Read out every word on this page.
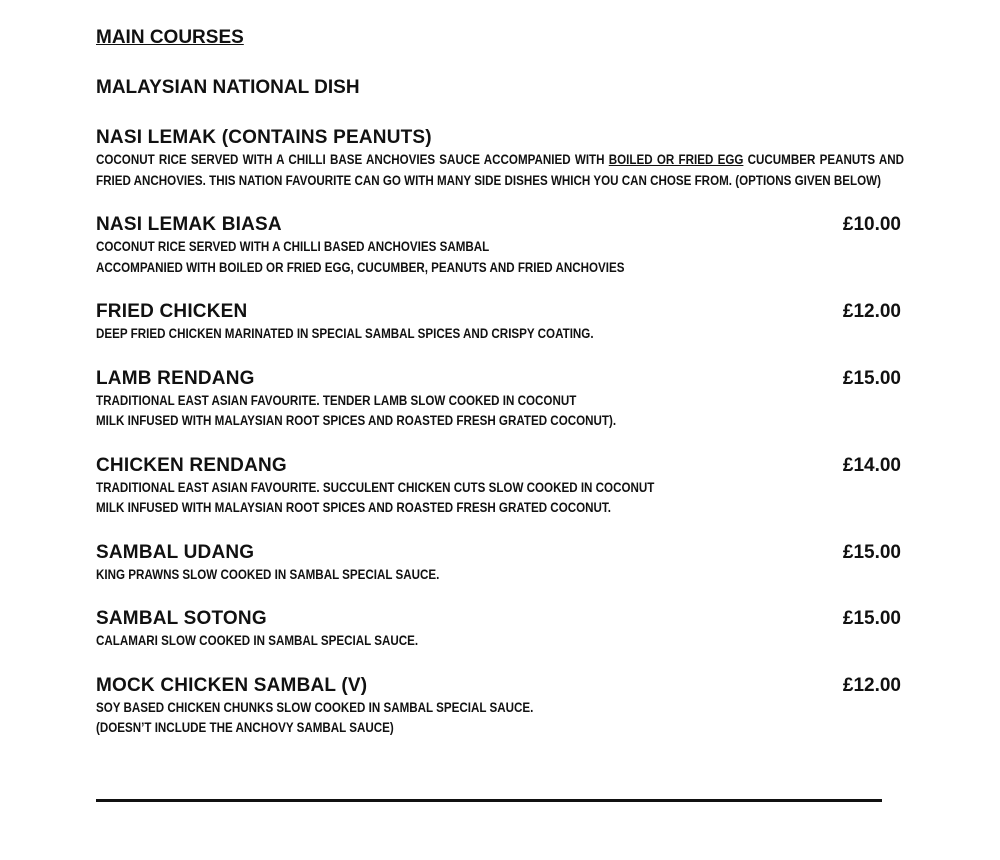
MAIN COURSES
MALAYSIAN NATIONAL DISH
NASI LEMAK (CONTAINS PEANUTS)
COCONUT RICE SERVED WITH A CHILLI BASE ANCHOVIES SAUCE ACCOMPANIED WITH BOILED OR FRIED EGG CUCUMBER PEANUTS AND FRIED ANCHOVIES. THIS NATION FAVOURITE CAN GO WITH MANY SIDE DISHES WHICH YOU CAN CHOSE FROM. (OPTIONS GIVEN BELOW)
NASI LEMAK BIASA	£10.00
COCONUT RICE SERVED WITH A CHILLI BASED ANCHOVIES SAMBAL
ACCOMPANIED WITH BOILED OR FRIED EGG, CUCUMBER, PEANUTS AND FRIED ANCHOVIES
FRIED CHICKEN	£12.00
DEEP FRIED CHICKEN MARINATED IN SPECIAL SAMBAL SPICES AND CRISPY COATING.
LAMB RENDANG	£15.00
TRADITIONAL EAST ASIAN FAVOURITE. TENDER LAMB SLOW COOKED IN COCONUT
MILK INFUSED WITH MALAYSIAN ROOT SPICES AND ROASTED FRESH GRATED COCONUT).
CHICKEN RENDANG	£14.00
TRADITIONAL EAST ASIAN FAVOURITE. SUCCULENT CHICKEN CUTS SLOW COOKED IN COCONUT
MILK INFUSED WITH MALAYSIAN ROOT SPICES AND ROASTED FRESH GRATED COCONUT.
SAMBAL UDANG	£15.00
KING PRAWNS SLOW COOKED IN SAMBAL SPECIAL SAUCE.
SAMBAL SOTONG	£15.00
CALAMARI SLOW COOKED IN SAMBAL SPECIAL SAUCE.
MOCK CHICKEN SAMBAL (V)	£12.00
SOY BASED CHICKEN CHUNKS SLOW COOKED IN SAMBAL SPECIAL SAUCE.
(DOESN’T INCLUDE THE ANCHOVY SAMBAL SAUCE)
